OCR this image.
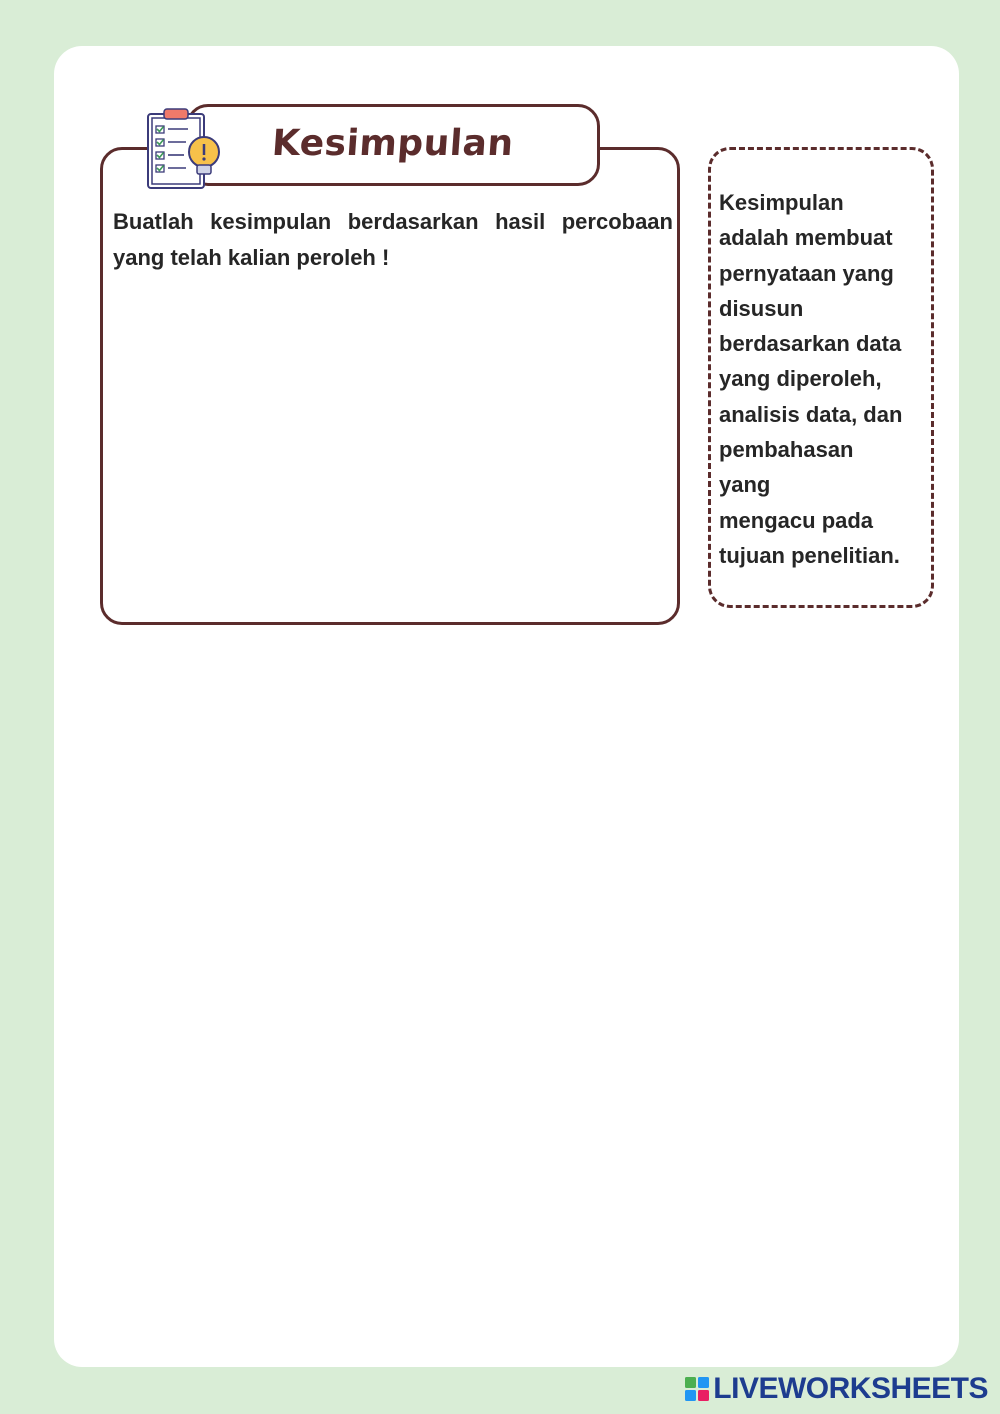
Kesimpulan
Buatlah kesimpulan berdasarkan hasil percobaan yang telah kalian peroleh !
Kesimpulan
adalah membuat
pernyataan yang
disusun
berdasarkan data
yang diperoleh,
analisis data, dan
pembahasan
yang
mengacu pada
tujuan penelitian.
LIVEWORKSHEETS
